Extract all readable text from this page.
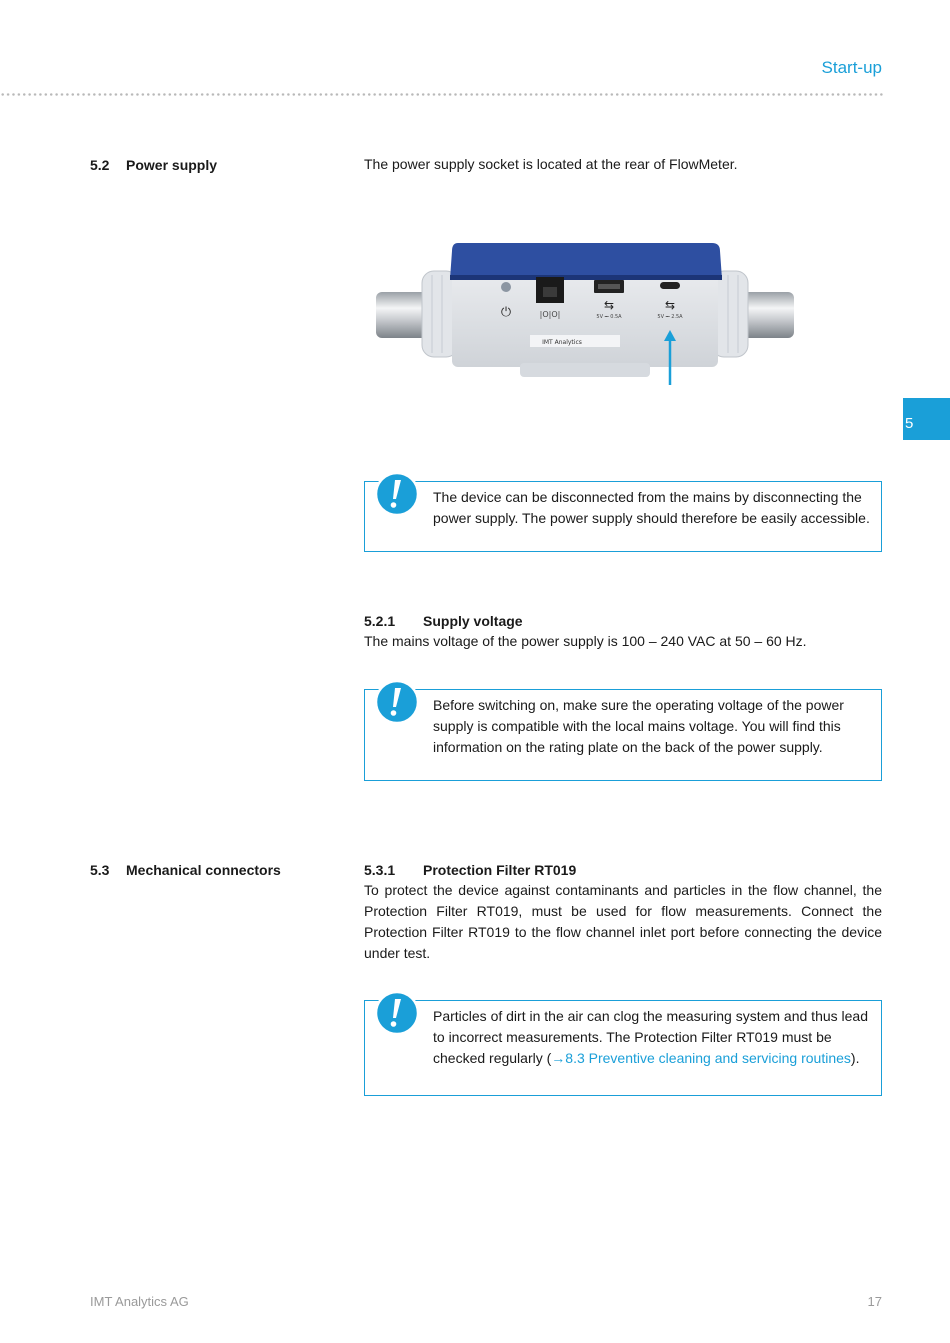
Start-up
5
5.2 Power supply	The power supply socket is located at the rear of FlowMeter.
⏻	|O|O|
⇆
5V ⎓ 0.5A
⇆
5V ⎓ 2.5A
IMT Analytics
The device can be disconnected from the mains by disconnecting the power supply. The power supply should therefore be easily accessible.
5.2.1 Supply voltage
The mains voltage of the power supply is 100 – 240 VAC at 50 – 60 Hz.
Before switching on, make sure the operating voltage of the power supply is compatible with the local mains voltage. You will find this information on the rating plate on the back of the power supply.
5.3 Mechanical connectors	5.3.1 Protection Filter RT019
To protect the device against contaminants and particles in the flow channel, the Protection Filter RT019, must be used for flow measurements. Connect the Protection Filter RT019 to the flow channel inlet port before connecting the device under test.
Particles of dirt in the air can clog the measuring system and thus lead to incorrect measurements. The Protection Filter RT019 must be checked regularly (→8.3 Preventive cleaning and servicing routines).
IMT Analytics AG	17
